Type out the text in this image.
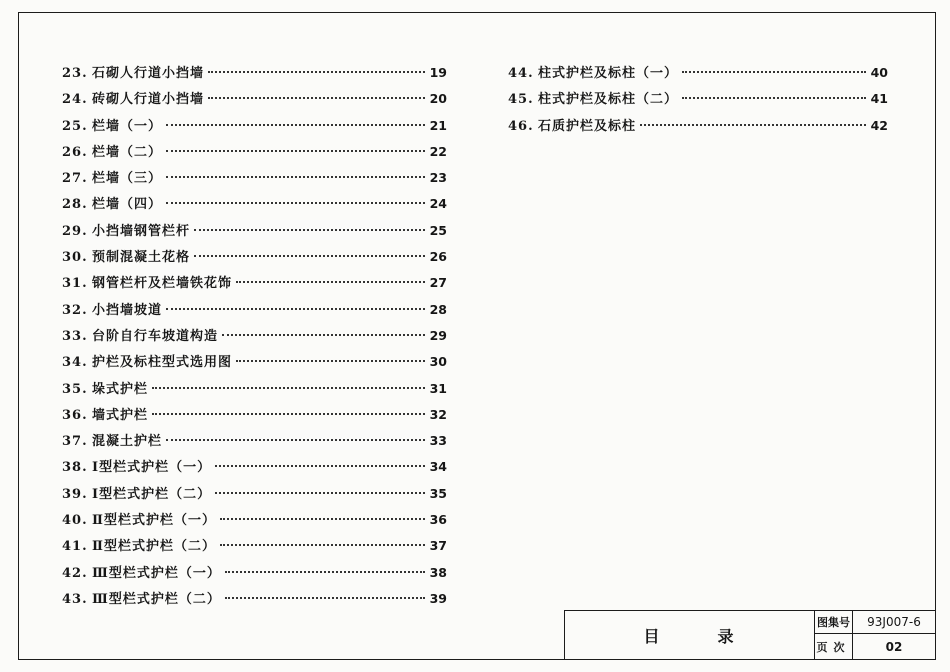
23. 石砌人行道小挡墙	19
24. 砖砌人行道小挡墙	20
25. 栏墙（一）	21
26. 栏墙（二）	22
27. 栏墙（三）	23
28. 栏墙（四）	24
29. 小挡墙钢管栏杆	25
30. 预制混凝土花格	26
31. 钢管栏杆及栏墙铁花饰	27
32. 小挡墙坡道	28
33. 台阶自行车坡道构造	29
34. 护栏及标柱型式选用图	30
35. 垛式护栏	31
36. 墙式护栏	32
37. 混凝土护栏	33
38. Ⅰ型栏式护栏（一）	34
39. Ⅰ型栏式护栏（二）	35
40. Ⅱ型栏式护栏（一）	36
41. Ⅱ型栏式护栏（二）	37
42. Ⅲ型栏式护栏（一）	38
43. Ⅲ型栏式护栏（二）	39
44. 柱式护栏及标柱（一）	40
45. 柱式护栏及标柱（二）	41
46. 石质护栏及标柱	42
目	录
图集号	93J007-6
页次	02
